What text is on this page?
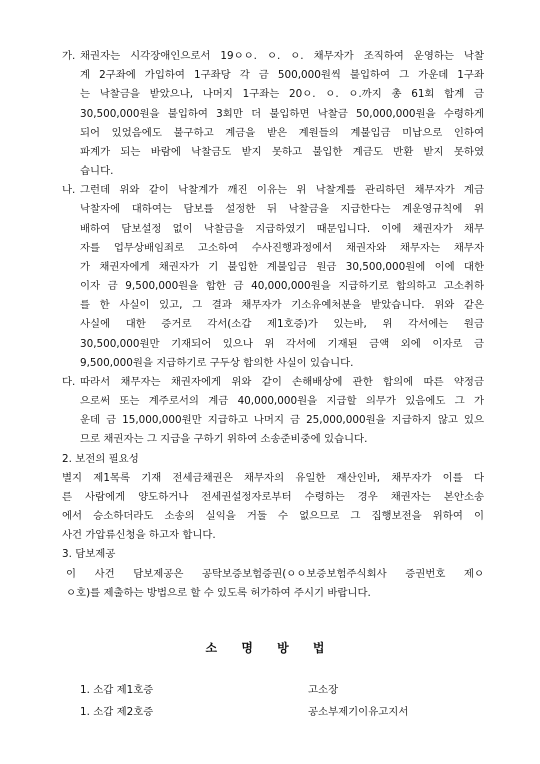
가. 채권자는 시각장애인으로서 19ㅇㅇ. ㅇ. ㅇ. 채무자가 조직하여 운영하는 낙찰
계 2구좌에 가입하여 1구좌당 각 금 500,000원씩 불입하여 그 가운데 1구좌
는 낙찰금을 받았으나, 나머지 1구좌는 20ㅇ. ㅇ. ㅇ.까지 총 61회 합계 금
30,500,000원을 불입하여 3회만 더 불입하면 낙찰금 50,000,000원을 수령하게
되어 있었음에도 불구하고 계금을 받은 계원들의 계불입금 미납으로 인하여
파계가 되는 바람에 낙찰금도 받지 못하고 불입한 계금도 반환 받지 못하였
습니다.
나. 그런데 위와 같이 낙찰계가 깨진 이유는 위 낙찰계를 관리하던 채무자가 계금
낙찰자에 대하여는 담보를 설정한 뒤 낙찰금을 지급한다는 계운영규칙에 위
배하여 담보설정 없이 낙찰금을 지급하였기 때문입니다. 이에 채권자가 채무
자를 업무상배임죄로 고소하여 수사진행과정에서 채권자와 채무자는 채무자
가 채권자에게 채권자가 기 불입한 계불입금 원금 30,500,000원에 이에 대한
이자 금 9,500,000원을 합한 금 40,000,000원을 지급하기로 합의하고 고소취하
를 한 사실이 있고, 그 결과 채무자가 기소유예처분을 받았습니다. 위와 같은
사실에 대한 증거로 각서(소갑 제1호증)가 있는바, 위 각서에는 원금
30,500,000원만 기재되어 있으나 위 각서에 기재된 금액 외에 이자로 금
9,500,000원을 지급하기로 구두상 합의한 사실이 있습니다.
다. 따라서 채무자는 채권자에게 위와 같이 손해배상에 관한 합의에 따른 약정금
으로써 또는 계주로서의 계금 40,000,000원을 지급할 의무가 있음에도 그 가
운데 금 15,000,000원만 지급하고 나머지 금 25,000,000원을 지급하지 않고 있으
므로 채권자는 그 지급을 구하기 위하여 소송준비중에 있습니다.
2. 보전의 필요성
별지 제1목록 기재 전세금채권은 채무자의 유일한 재산인바, 채무자가 이를 다
른 사람에게 양도하거나 전세권설정자로부터 수령하는 경우 채권자는 본안소송
에서 승소하더라도 소송의 실익을 거둘 수 없으므로 그 집행보전을 위하여 이
사건 가압류신청을 하고자 합니다.
3. 담보제공
이 사건 담보제공은 공탁보증보험증권(ㅇㅇ보증보험주식회사 증권번호 제ㅇ
ㅇ호)를 제출하는 방법으로 할 수 있도록 허가하여 주시기 바랍니다.
소 명 방 법
1. 소갑 제1호증	고소장
1. 소갑 제2호증	공소부제기이유고지서
